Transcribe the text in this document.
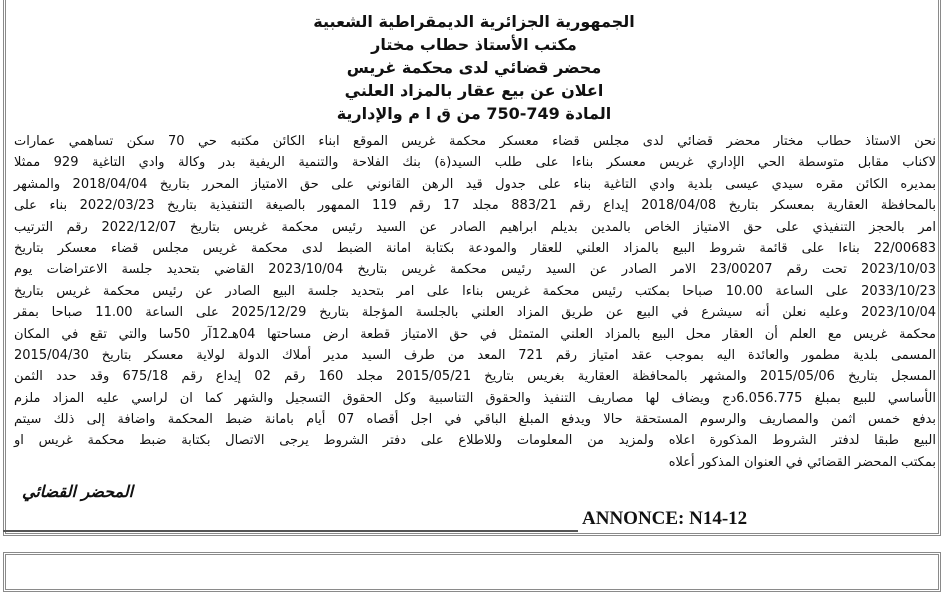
الجمهورية الجزائرية الديمقراطية الشعبية
مكتب الأستاذ حطاب مختار
محضر قضائي لدى محكمة غريس
اعلان عن بيع عقار بالمزاد العلني
المادة 749-750 من ق ا م والإدارية
نحن الاستاذ حطاب مختار محضر قضائي لدى مجلس قضاء معسكر محكمة غريس الموقع ابناء الكائن مكتبه حي 70 سكن تساهمي عمارات
لاكناب مقابل متوسطة الحي الإداري غريس معسكر بناءا على طلب السيد(ة) بنك الفلاحة والتنمية الريفية بدر وكالة وادي التاغية 929 ممثلا
بمديره الكائن مقره سيدي عيسى بلدية وادي التاغية بناء على جدول قيد الرهن القانوني على حق الامتياز المحرر بتاريخ 2018/04/04 والمشهر
بالمحافظة العقارية بمعسكر بتاريخ 2018/04/08 إيداع رقم 883/21 مجلد 17 رقم 119 الممهور بالصيغة التنفيذية بتاريخ 2022/03/23 بناء على
امر بالحجز التنفيذي على حق الامتياز الخاص بالمدين بديلم ابراهيم الصادر عن السيد رئيس محكمة غريس بتاريخ 2022/12/07 رقم الترتيب
22/00683 بناءا على قائمة شروط البيع بالمزاد العلني للعقار والمودعة بكتابة امانة الضبط لدى محكمة غريس مجلس قضاء معسكر بتاريخ
2023/10/03 تحت رقم 23/00207 الامر الصادر عن السيد رئيس محكمة غريس بتاريخ 2023/10/04 القاضي بتحديد جلسة الاعتراضات يوم
2033/10/23 على الساعة 10.00 صباحا بمكتب رئيس محكمة غريس بناءا على امر بتحديد جلسة البيع الصادر عن رئيس محكمة غريس بتاريخ
2023/10/04 وعليه نعلن أنه سيشرع في البيع عن طريق المزاد العلني بالجلسة المؤجلة بتاريخ 2025/12/29 على الساعة 11.00 صباحا بمقر
محكمة غريس مع العلم أن العقار محل البيع بالمزاد العلني المتمثل في حق الامتياز قطعة ارض مساحتها 04هـ12آر 50سا والتي تقع في المكان
المسمى بلدية مطمور والعائدة اليه بموجب عقد امتياز رقم 721 المعد من طرف السيد مدير أملاك الدولة لولاية معسكر بتاريخ 2015/04/30
المسجل بتاريخ 2015/05/06 والمشهر بالمحافظة العقارية بغريس بتاريخ 2015/05/21 مجلد 160 رقم 02 إيداع رقم 675/18 وقد حدد الثمن
الأساسي للبيع بمبلغ 6.056.775دج ويضاف لها مصاريف التنفيذ والحقوق التناسبية وكل الحقوق التسجيل والشهر كما ان لراسي عليه المزاد ملزم
بدفع خمس اثمن والمصاريف والرسوم المستحقة حالا ويدفع المبلغ الباقي في اجل أقصاه 07 أيام بامانة ضبط المحكمة واضافة إلى ذلك سيتم
البيع طبقا لدفتر الشروط المذكورة اعلاه ولمزيد من المعلومات وللاطلاع على دفتر الشروط يرجى الاتصال بكتابة ضبط محكمة غريس او
بمكتب المحضر القضائي في العنوان المذكور أعلاه
المحضر القضائي
ANNONCE: N14-12
